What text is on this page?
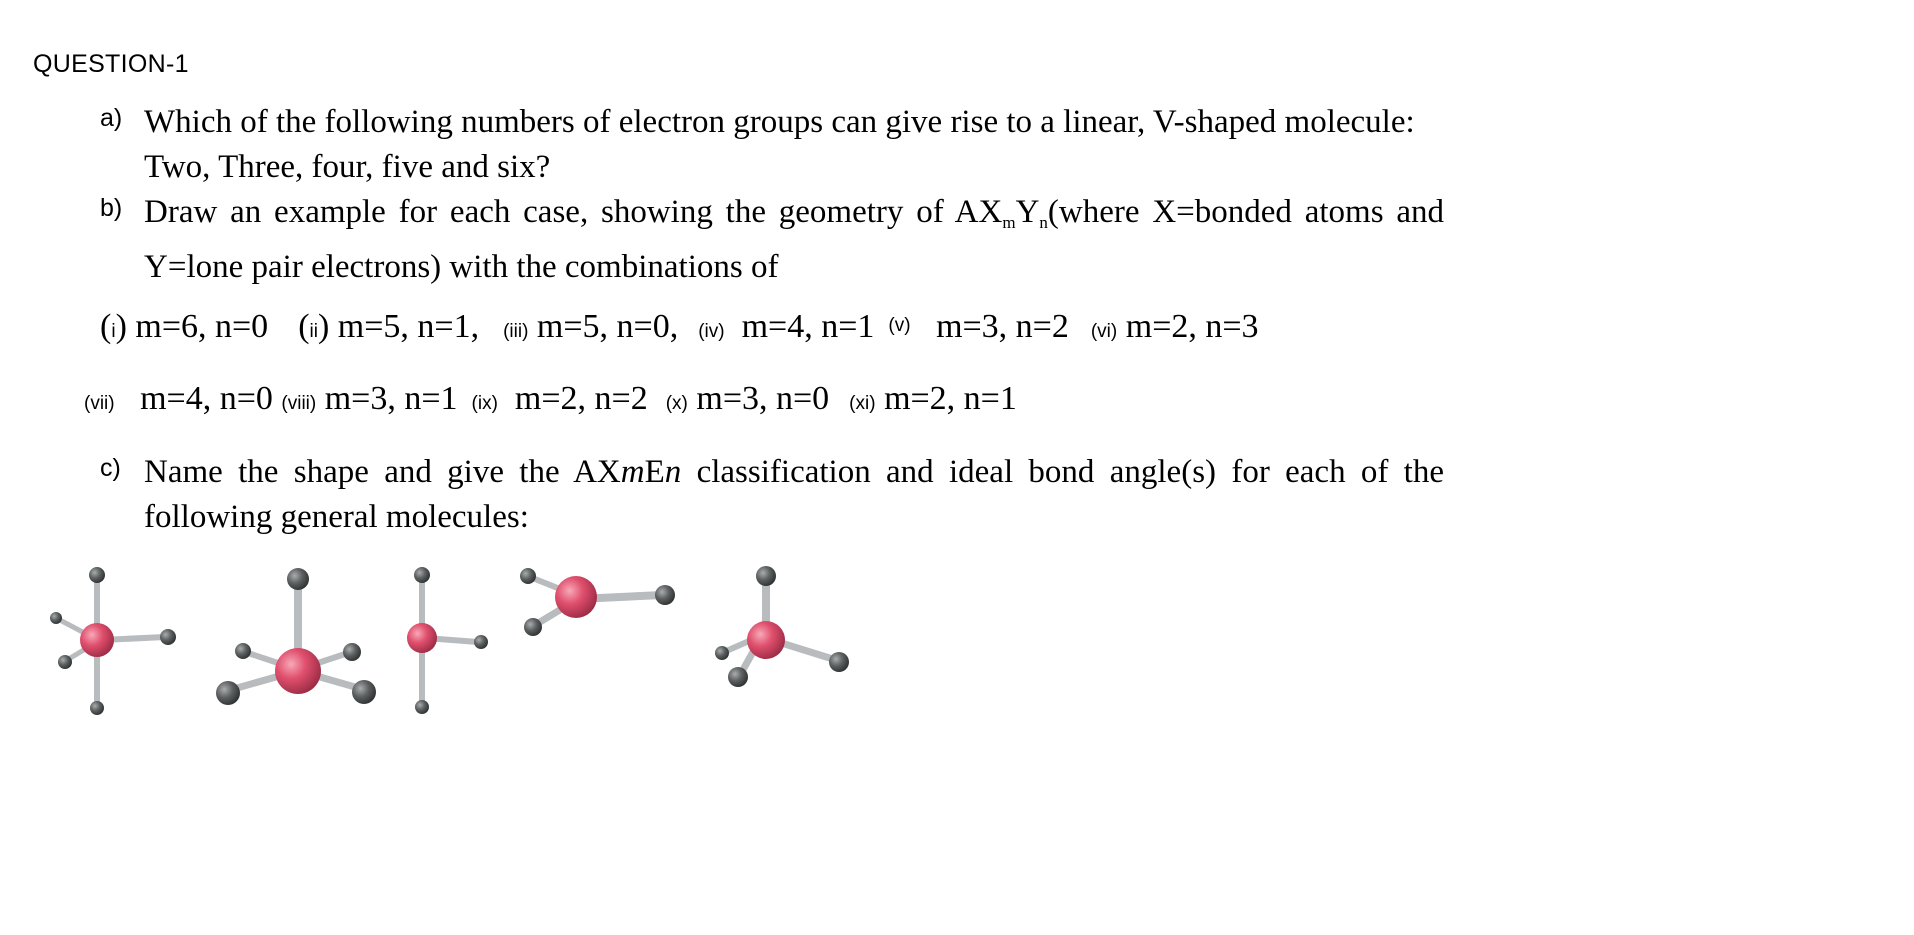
QUESTION-1
a) Which of the following numbers of electron groups can give rise to a linear, V-shaped molecule: Two, Three, four, five and six?
b) Draw an example for each case, showing the geometry of $AX_mY_n(where$ X=bonded atoms and Y=lone pair electrons) with the combinations of
(i) m=6, n=0 (ii) m=5, n=1, (iii) m=5, n=0, (iv) m=4, n=1 (v) m=3, n=2 (vi) m=2, n=3
(vii) m=4, n=0 (viii) m=3, n=1 (ix) m=2, n=2 (x) m=3, n=0 (xi) m=2, n=1
c) Name the shape and give the AXmEn classification and ideal bond angle(s) for each of the following general molecules:
